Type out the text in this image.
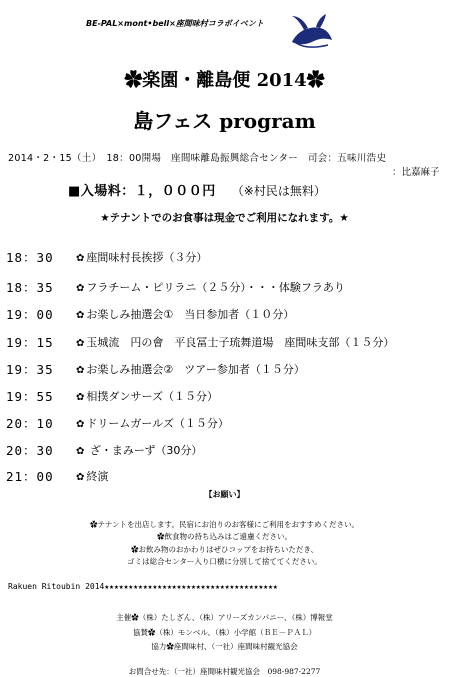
BE-PAL×mont•bell×座間味村コラボイベント
✿楽園・離島便 2014✿
島フェス program
2014・2・15（土）　18：00開場　座間味離島振興総合センター　司会：五味川浩史
：比嘉麻子
■入場料：１，０００円 （※村民は無料）
★テナントでのお食事は現金でご利用になれます。★
18：30	✿ 座間味村長挨拶（３分）
18：35	✿ フラチーム・ピリラニ（２５分）・・・体験フラあり
19：00	✿ お楽しみ抽選会①　当日参加者（１０分）
19：15	✿ 玉城流　円の會　平良冨士子琉舞道場　座間味支部（１５分）
19：35	✿ お楽しみ抽選会②　ツアー参加者（１５分）
19：55	✿ 相撲ダンサーズ（１５分）
20：10	✿ ドリームガールズ（１５分）
20：30	✿ ざ・まみーず（30分）
21：00	✿ 終演
【お願い】
✿テナントを出店します。民宿にお泊りのお客様にご利用をおすすめください。
✿飲食物の持ち込みはご遠慮ください。
✿お飲み物のおかわりはぜひコップをお持ちいただき、
ゴミは総合センター入り口横に分別して捨ててください。
Rakuen Ritoubin 2014★★★★★★★★★★★★★★★★★★★★★★★★★★★★★★★★★★★★
主催✿（株）たしざん、（株）アリーズカンパニー、（株）博報堂
協賛✿（株）モンベル、（株）小学館（ＢＥ－ＰＡＬ）
協力✿座間味村、（一社）座間味村観光協会
お問合せ先：（一社）座間味村観光協会　098-987-2277
